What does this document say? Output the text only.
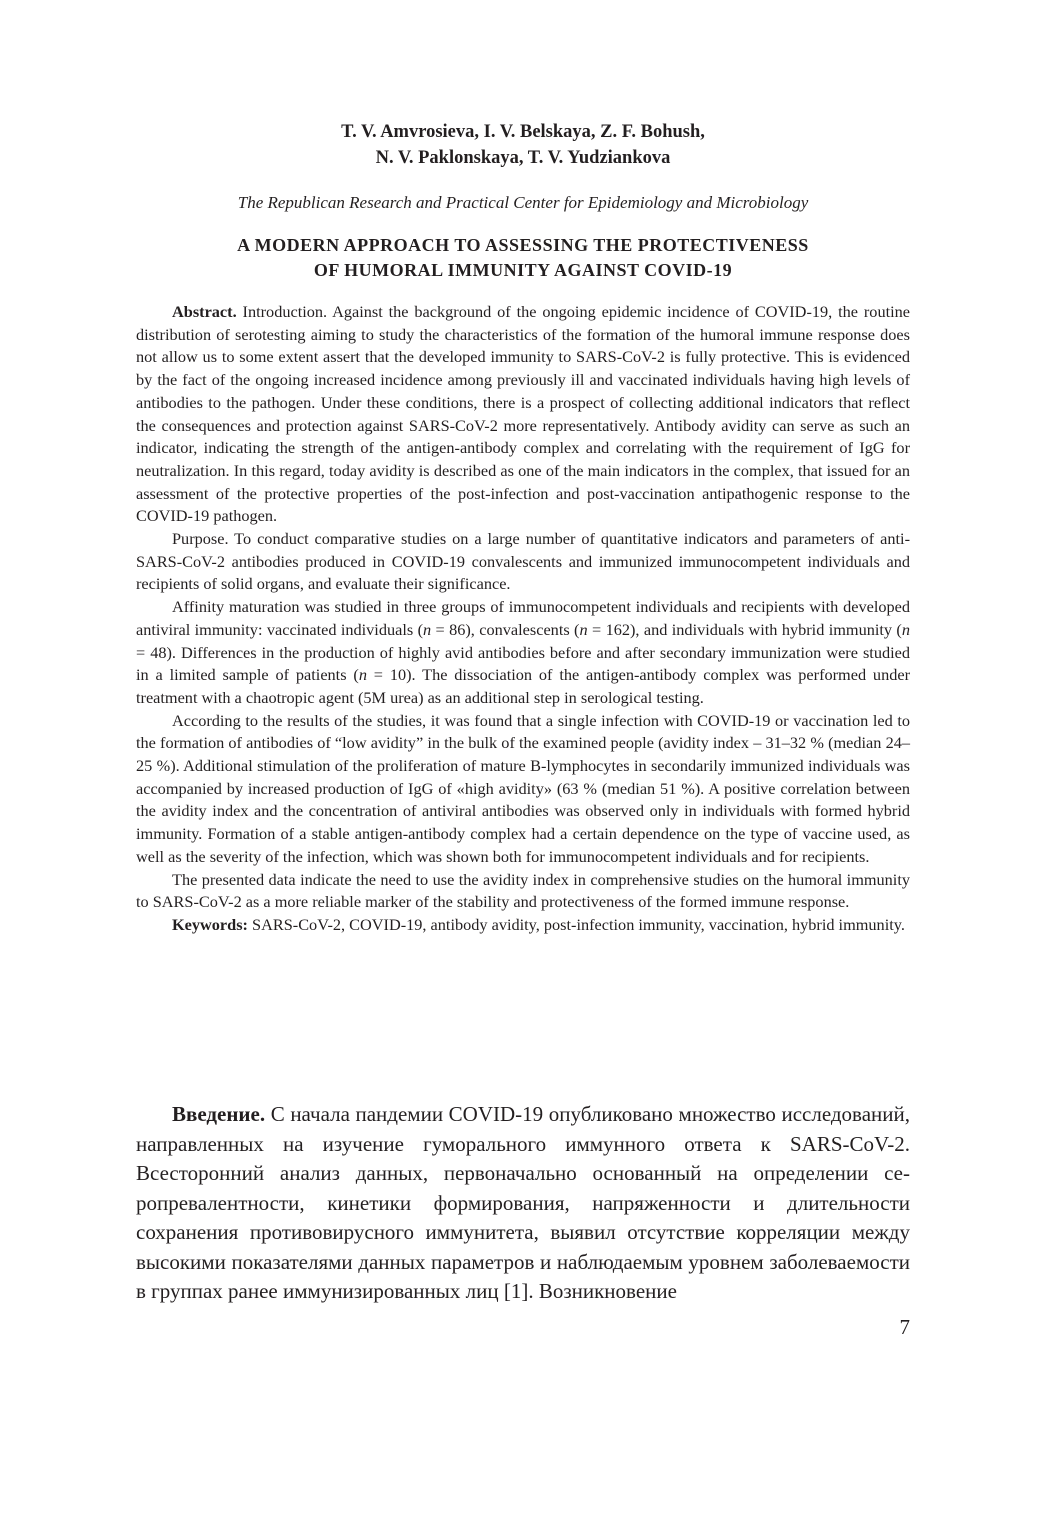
T. V. Amvrosieva, I. V. Belskaya, Z. F. Bohush,
N. V. Paklonskaya, T. V. Yudziankova
The Republican Research and Practical Center for Epidemiology and Microbiology
A MODERN APPROACH TO ASSESSING THE PROTECTIVENESS
OF HUMORAL IMMUNITY AGAINST COVID-19

Abstract. Introduction. Against the background of the ongoing epidemic incidence of COVID-19, the routine distribution of serotesting aiming to study the characteristics of the formation of the humoral immune response does not allow us to some extent assert that the developed immunity to SARS-CoV-2 is fully protective. This is evidenced by the fact of the ongoing increased incidence among previously ill and vaccinated individuals having high levels of antibodies to the pathogen. Under these conditions, there is a prospect of collecting additional indicators that reflect the consequences and protection against SARS-CoV-2 more representatively. Antibody avidity can serve as such an indicator, indicating the strength of the antigen-antibody complex and correlating with the requirement of IgG for neutralization. In this regard, today avidity is described as one of the main indicators in the complex, that issued for an assessment of the protective properties of the post-infection and post-vaccination antipathogenic response to the COVID-19 pathogen.

Purpose. To conduct comparative studies on a large number of quantitative indicators and parameters of anti-SARS-CoV-2 antibodies produced in COVID-19 convalescents and immunized immunocompetent individuals and recipients of solid organs, and evaluate their significance.

Affinity maturation was studied in three groups of immunocompetent individuals and recipients with developed antiviral immunity: vaccinated individuals (n = 86), convalescents (n = 162), and individuals with hybrid immunity (n = 48). Differences in the production of highly avid antibodies before and after secondary immunization were studied in a limited sample of patients (n = 10). The dissociation of the antigen-antibody complex was performed under treatment with a chaotropic agent (5M urea) as an additional step in serological testing.

According to the results of the studies, it was found that a single infection with COVID-19 or vaccination led to the formation of antibodies of “low avidity” in the bulk of the examined people (avidity index – 31–32 % (median 24–25 %). Additional stimulation of the proliferation of mature B-lymphocytes in secondarily immunized individuals was accompanied by increased production of IgG of «high avidity» (63 % (median 51 %). A positive correlation between the avidity index and the concentration of antiviral antibodies was observed only in individuals with formed hybrid immunity. Formation of a stable antigen-antibody complex had a certain dependence on the type of vaccine used, as well as the severity of the infection, which was shown both for immunocompetent individuals and for recipients.

The presented data indicate the need to use the avidity index in comprehensive studies on the humoral immunity to SARS-CoV-2 as a more reliable marker of the stability and protectiveness of the formed immune response.

Keywords: SARS-CoV-2, COVID-19, antibody avidity, post-infection immunity, vaccination, hybrid immunity.

Введение. С начала пандемии COVID-19 опубликовано множество исследований, направленных на изучение гуморального иммунного ответа к SARS-CoV-2. Всесторонний анализ данных, первоначально основанный на определении серопревалентности, кинетики формирования, напряженности и длительности сохранения противовирусного иммунитета, выявил отсутствие корреляции между высокими показателями данных параметров и наблюдаемым уровнем заболеваемости в группах ранее иммунизированных лиц [1]. Возникновение

7
